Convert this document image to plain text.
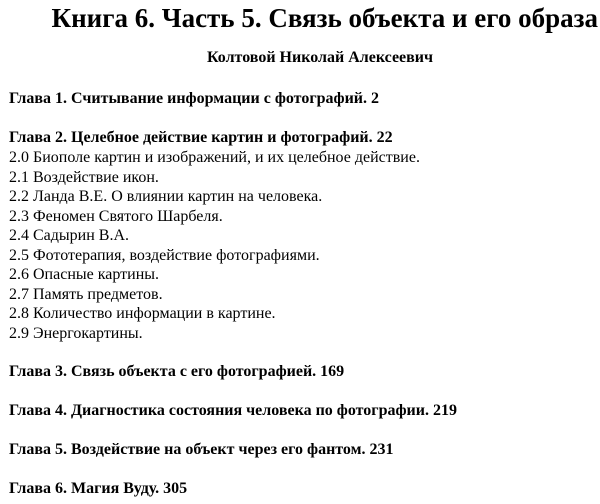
Книга 6. Часть 5. Связь объекта и его образа
Колтовой Николай Алексеевич
Глава 1. Считывание информации с фотографий. 2
Глава 2. Целебное действие картин и фотографий. 22
2.0 Биополе картин и изображений, и их целебное действие.
2.1 Воздействие икон.
2.2 Ланда В.Е. О влиянии картин на человека.
2.3 Феномен Святого Шарбеля.
2.4 Садырин В.А.
2.5 Фототерапия, воздействие фотографиями.
2.6 Опасные картины.
2.7 Память предметов.
2.8 Количество информации в картине.
2.9 Энергокартины.
Глава 3. Связь объекта с его фотографией. 169
Глава 4. Диагностика состояния человека по фотографии. 219
Глава 5. Воздействие на объект через его фантом. 231
Глава 6. Магия Вуду. 305
